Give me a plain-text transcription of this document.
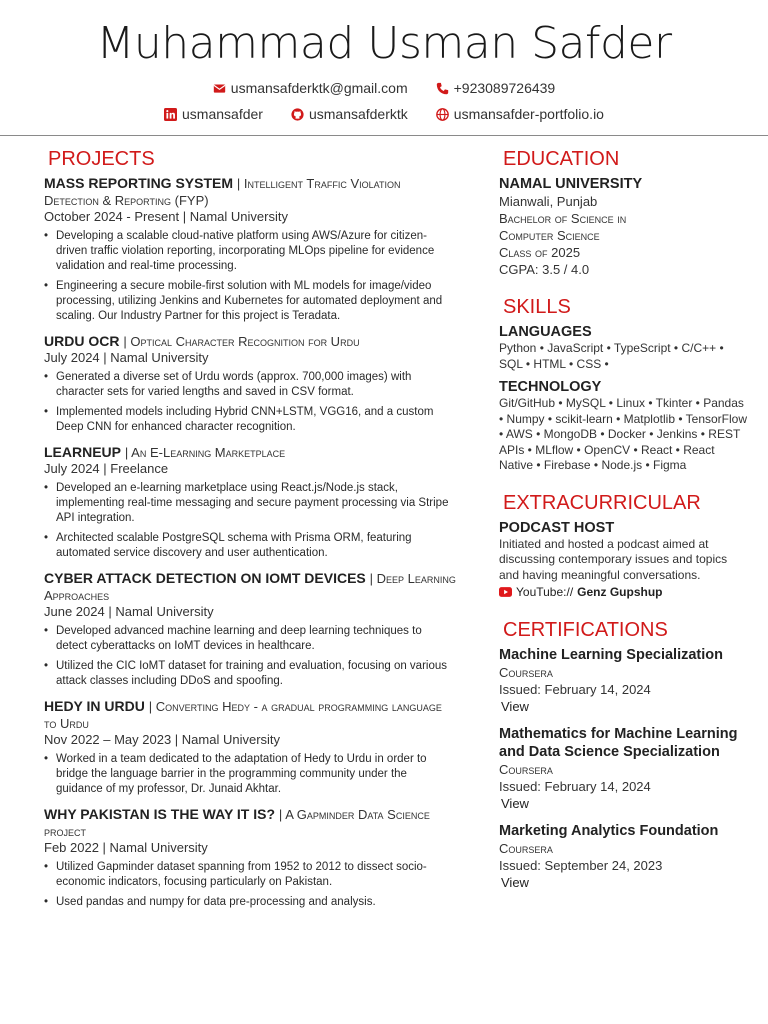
Muhammad Usman Safder
usmansafderktk@gmail.com	+923089726439
usmansafder	usmansafderktk	usmansafder-portfolio.io
PROJECTS
MASS REPORTING SYSTEM | Intelligent Traffic Violation Detection & Reporting (FYP)
October 2024 - Present | Namal University
• Developing a scalable cloud-native platform using AWS/Azure for citizen-driven traffic violation reporting, incorporating MLOps pipeline for evidence validation and real-time processing.
• Engineering a secure mobile-first solution with ML models for image/video processing, utilizing Jenkins and Kubernetes for automated deployment and scaling. Our Industry Partner for this project is Teradata.
URDU OCR | Optical Character Recognition for Urdu
July 2024 | Namal University
• Generated a diverse set of Urdu words (approx. 700,000 images) with character sets for varied lengths and saved in CSV format.
• Implemented models including Hybrid CNN+LSTM, VGG16, and a custom Deep CNN for enhanced character recognition.
LEARNEUP | An E-Learning Marketplace
July 2024 | Freelance
• Developed an e-learning marketplace using React.js/Node.js stack, implementing real-time messaging and secure payment processing via Stripe API integration.
• Architected scalable PostgreSQL schema with Prisma ORM, featuring automated service discovery and user authentication.
CYBER ATTACK DETECTION ON IOMT DEVICES | Deep Learning Approaches
June 2024 | Namal University
• Developed advanced machine learning and deep learning techniques to detect cyberattacks on IoMT devices in healthcare.
• Utilized the CIC IoMT dataset for training and evaluation, focusing on various attack classes including DDoS and spoofing.
HEDY IN URDU | Converting Hedy - a gradual programming language to Urdu
Nov 2022 – May 2023 | Namal University
• Worked in a team dedicated to the adaptation of Hedy to Urdu in order to bridge the language barrier in the programming community under the guidance of my professor, Dr. Junaid Akhtar.
WHY PAKISTAN IS THE WAY IT IS? | A Gapminder Data Science project
Feb 2022 | Namal University
• Utilized Gapminder dataset spanning from 1952 to 2012 to dissect socio-economic indicators, focusing particularly on Pakistan.
• Used pandas and numpy for data pre-processing and analysis.
EDUCATION
NAMAL UNIVERSITY
Mianwali, Punjab
Bachelor of Science in
Computer Science
Class of 2025
CGPA: 3.5 / 4.0
SKILLS
LANGUAGES
Python • JavaScript • TypeScript • C/C++ • SQL • HTML • CSS •
TECHNOLOGY
Git/GitHub • MySQL • Linux • Tkinter • Pandas • Numpy • scikit-learn • Matplotlib • TensorFlow • AWS • MongoDB • Docker • Jenkins • REST APIs • MLflow • OpenCV • React • React Native • Firebase • Node.js • Figma
EXTRACURRICULAR
PODCAST HOST
Initiated and hosted a podcast aimed at discussing contemporary issues and topics and having meaningful conversations.
YouTube:// Genz Gupshup
CERTIFICATIONS
Machine Learning Specialization
Coursera
Issued: February 14, 2024
View
Mathematics for Machine Learning and Data Science Specialization
Coursera
Issued: February 14, 2024
View
Marketing Analytics Foundation
Coursera
Issued: September 24, 2023
View
